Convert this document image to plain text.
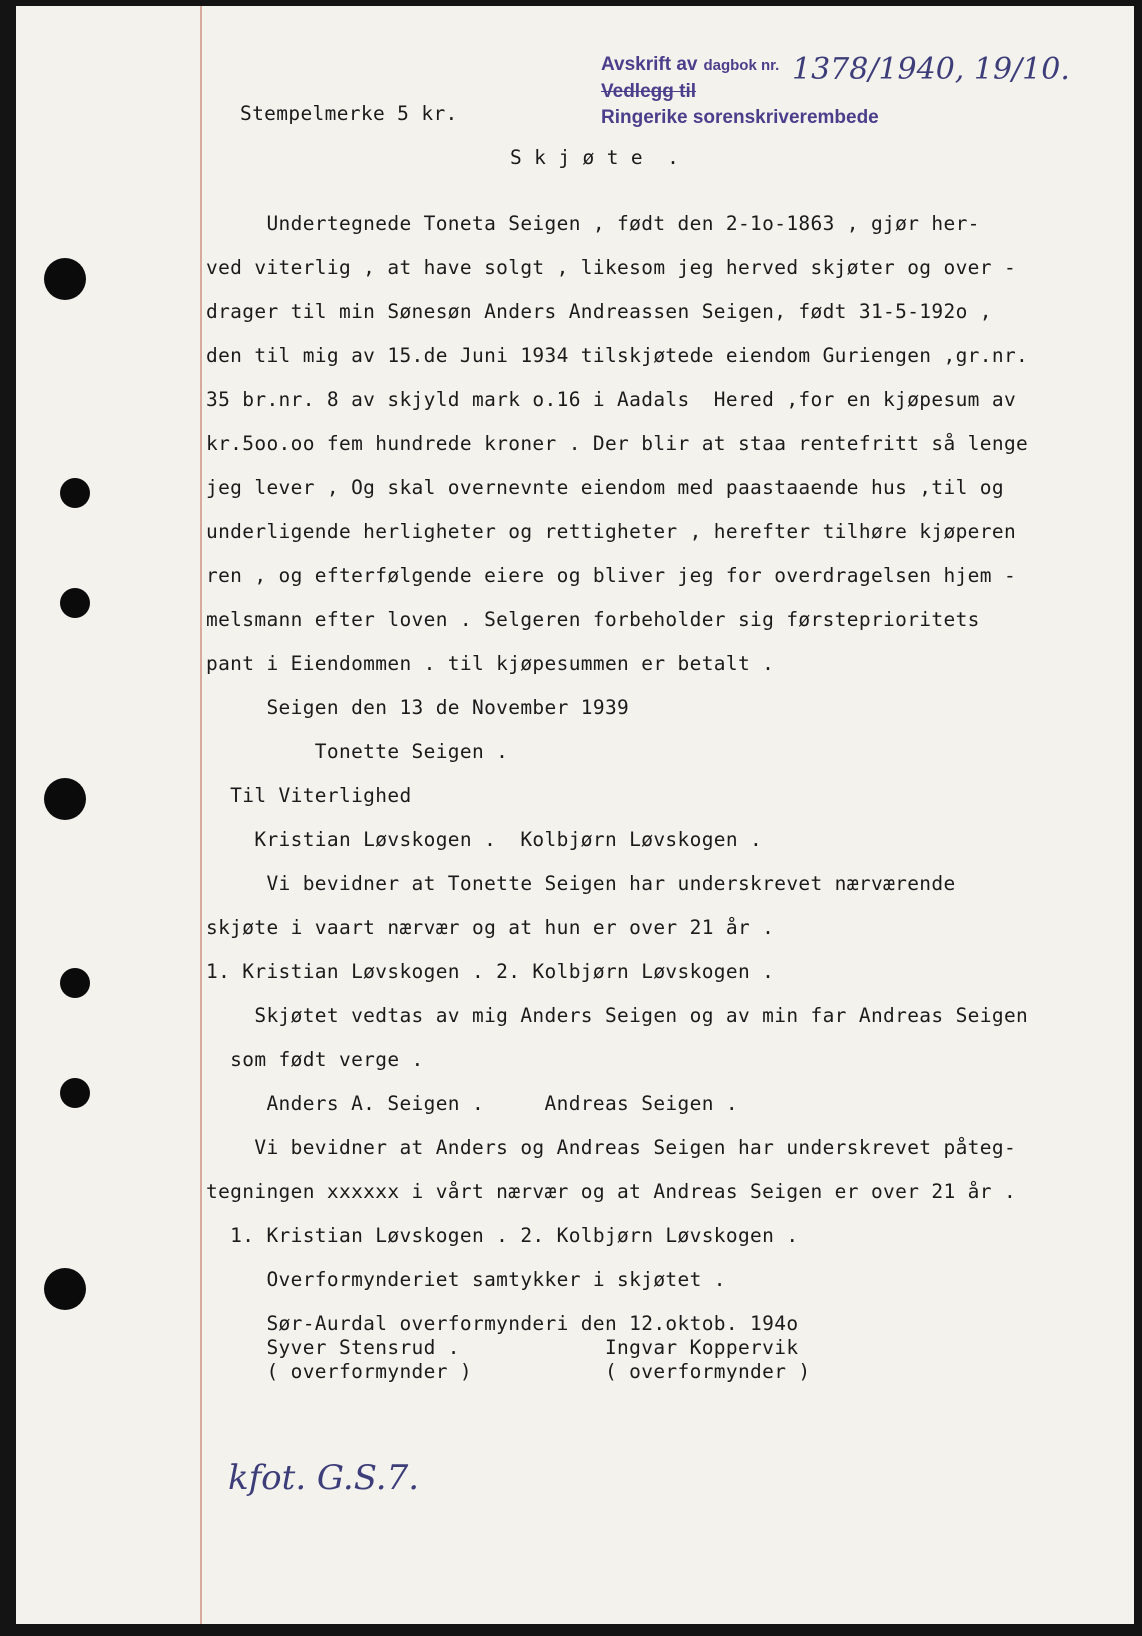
Avskrift av dagbok nr.
Vedlegg til
Ringerike sorenskriverembede
1378/1940, 19/10.
Stempelmerke 5 kr.
S k j ø t e  .
Undertegnede Toneta Seigen , født den 2-1o-1863 , gjør her-
ved viterlig , at have solgt , likesom jeg herved skjøter og over -
drager til min Sønesøn Anders Andreassen Seigen, født 31-5-192o ,
den til mig av 15.de Juni 1934 tilskjøtede eiendom Guriengen ,gr.nr.
35 br.nr. 8 av skjyld mark o.16 i Aadals  Hered ,for en kjøpesum av
kr.5oo.oo fem hundrede kroner . Der blir at staa rentefritt så lenge
jeg lever , Og skal overnevnte eiendom med paastaaende hus ,til og
underligende herligheter og rettigheter , herefter tilhøre kjøperen
ren , og efterfølgende eiere og bliver jeg for overdragelsen hjem -
melsmann efter loven . Selgeren forbeholder sig førsteprioritets
pant i Eiendommen . til kjøpesummen er betalt .
Seigen den 13 de November 1939
Tonette Seigen .
Til Viterlighed
Kristian Løvskogen .  Kolbjørn Løvskogen .
Vi bevidner at Tonette Seigen har underskrevet nærværende
skjøte i vaart nærvær og at hun er over 21 år .
1. Kristian Løvskogen . 2. Kolbjørn Løvskogen .
Skjøtet vedtas av mig Anders Seigen og av min far Andreas Seigen
som født verge .
Anders A. Seigen .     Andreas Seigen .
Vi bevidner at Anders og Andreas Seigen har underskrevet påteg-
tegningen xxxxxx i vårt nærvær og at Andreas Seigen er over 21 år .
1. Kristian Løvskogen . 2. Kolbjørn Løvskogen .
Overformynderiet samtykker i skjøtet .
Sør-Aurdal overformynderi den 12.oktob. 194o
Syver Stensrud .            Ingvar Koppervik
( overformynder )           ( overformynder )
kfot. G.S.7.
